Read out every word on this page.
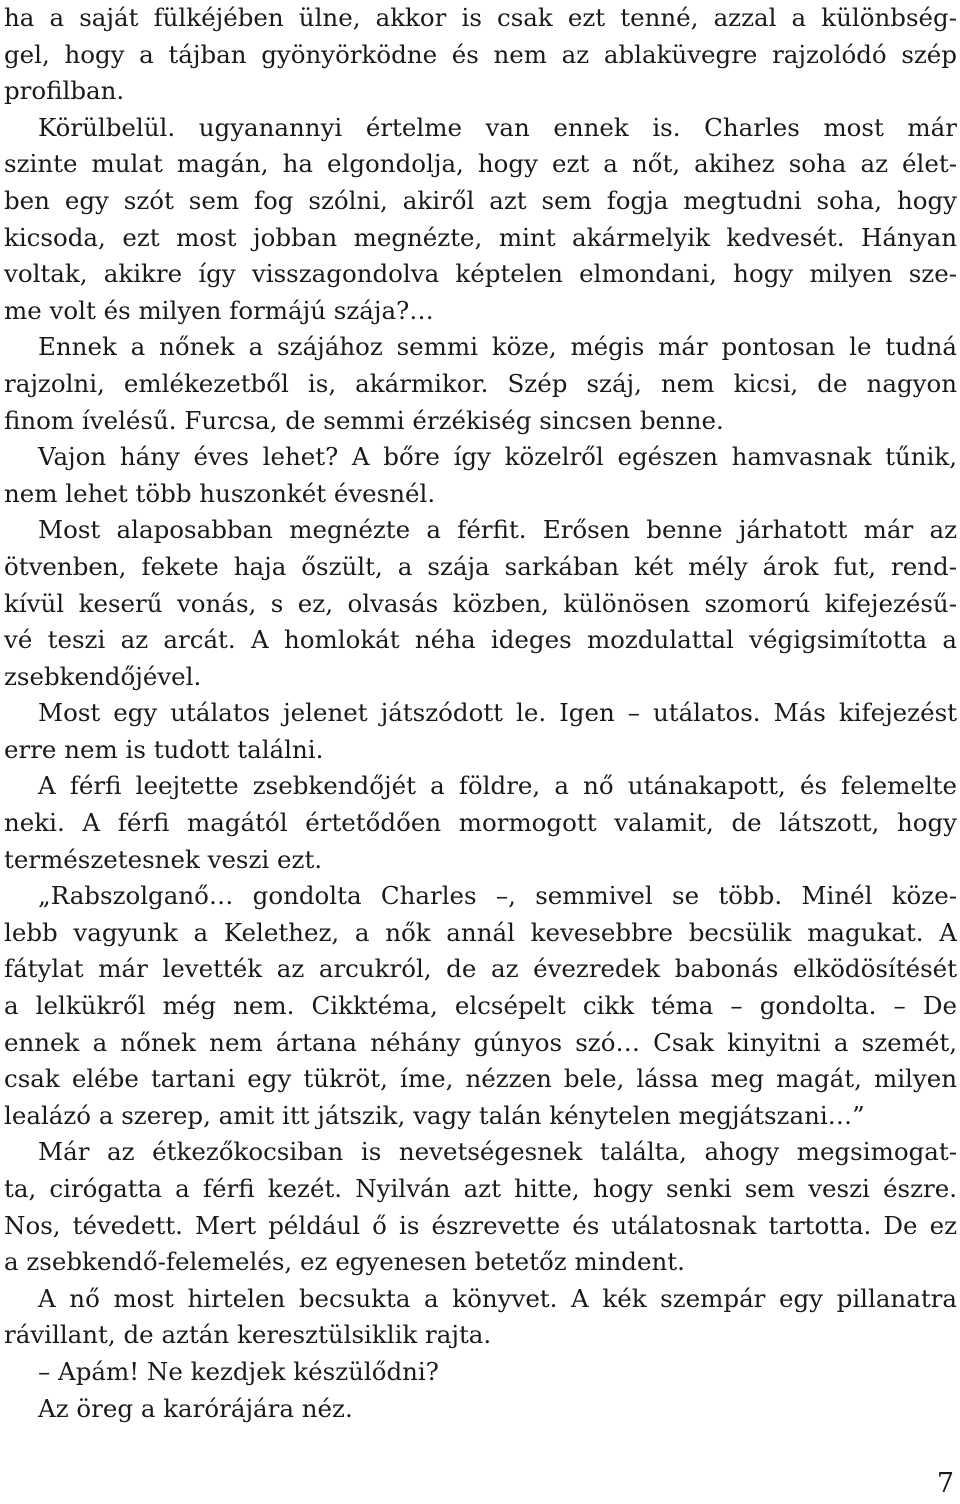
ha a saját fülkéjében ülne, akkor is csak ezt tenné, azzal a különbség-
gel, hogy a tájban gyönyörködne és nem az ablaküvegre rajzolódó szép
profilban.
Körülbelül. ugyanannyi értelme van ennek is. Charles most már
szinte mulat magán, ha elgondolja, hogy ezt a nőt, akihez soha az élet-
ben egy szót sem fog szólni, akiről azt sem fogja megtudni soha, hogy
kicsoda, ezt most jobban megnézte, mint akármelyik kedvesét. Hányan
voltak, akikre így visszagondolva képtelen elmondani, hogy milyen sze-
me volt és milyen formájú szája?…
Ennek a nőnek a szájához semmi köze, mégis már pontosan le tudná
rajzolni, emlékezetből is, akármikor. Szép száj, nem kicsi, de nagyon
finom ívelésű. Furcsa, de semmi érzékiség sincsen benne.
Vajon hány éves lehet? A bőre így közelről egészen hamvasnak tűnik,
nem lehet több huszonkét évesnél.
Most alaposabban megnézte a férfit. Erősen benne járhatott már az
ötvenben, fekete haja őszült, a szája sarkában két mély árok fut, rend-
kívül keserű vonás, s ez, olvasás közben, különösen szomorú kifejezésű-
vé teszi az arcát. A homlokát néha ideges mozdulattal végigsimította a
zsebkendőjével.
Most egy utálatos jelenet játszódott le. Igen – utálatos. Más kifejezést
erre nem is tudott találni.
A férfi leejtette zsebkendőjét a földre, a nő utánakapott, és felemelte
neki. A férfi magától értetődően mormogott valamit, de látszott, hogy
természetesnek veszi ezt.
„Rabszolganő… gondolta Charles –, semmivel se több. Minél köze-
lebb vagyunk a Kelethez, a nők annál kevesebbre becsülik magukat. A
fátylat már levették az arcukról, de az évezredek babonás elködösítését
a lelkükről még nem. Cikktéma, elcsépelt cikk téma – gondolta. – De
ennek a nőnek nem ártana néhány gúnyos szó… Csak kinyitni a szemét,
csak elébe tartani egy tükröt, íme, nézzen bele, lássa meg magát, milyen
lealázó a szerep, amit itt játszik, vagy talán kénytelen megjátszani…”
Már az étkezőkocsiban is nevetségesnek találta, ahogy megsimogat-
ta, cirógatta a férfi kezét. Nyilván azt hitte, hogy senki sem veszi észre.
Nos, tévedett. Mert például ő is észrevette és utálatosnak tartotta. De ez
a zsebkendő-felemelés, ez egyenesen betetőz mindent.
A nő most hirtelen becsukta a könyvet. A kék szempár egy pillanatra
rávillant, de aztán keresztülsiklik rajta.
– Apám! Ne kezdjek készülődni?
Az öreg a karórájára néz.
7
